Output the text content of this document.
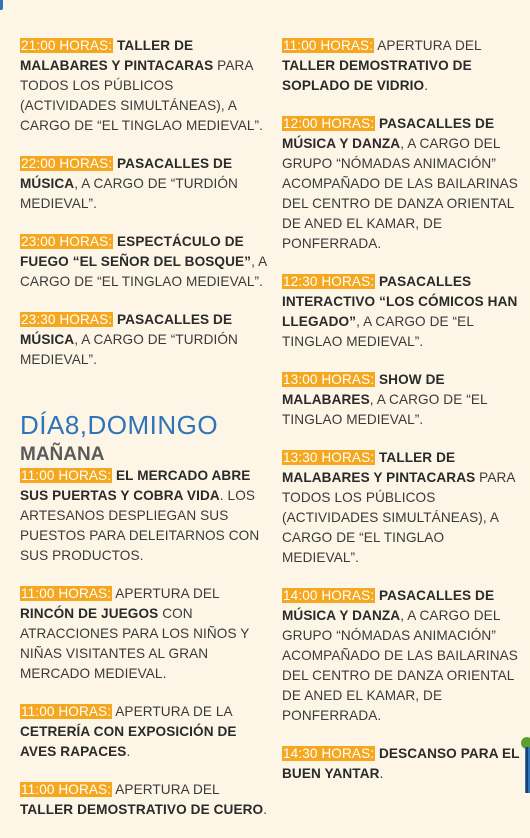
21:00 HORAS: TALLER DE MALABARES Y PINTACARAS PARA TODOS LOS PÚBLICOS (ACTIVIDADES SIMULTÁNEAS), A CARGO DE “EL TINGLAO MEDIEVAL”.

22:00 HORAS: PASACALLES DE MÚSICA, A CARGO DE “TURDIÓN MEDIEVAL”.

23:00 HORAS: ESPECTÁCULO DE FUEGO “EL SEÑOR DEL BOSQUE”, A CARGO DE “EL TINGLAO MEDIEVAL”.

23:30 HORAS: PASACALLES DE MÚSICA, A CARGO DE “TURDIÓN MEDIEVAL”.

DÍA8,DOMINGO
MAÑANA

11:00 HORAS: EL MERCADO ABRE SUS PUERTAS Y COBRA VIDA. LOS ARTESANOS DESPLIEGAN SUS PUESTOS PARA DELEITARNOS CON SUS PRODUCTOS.

11:00 HORAS: APERTURA DEL RINCÓN DE JUEGOS CON ATRACCIONES PARA LOS NIÑOS Y NIÑAS VISITANTES AL GRAN MERCADO MEDIEVAL.

11:00 HORAS: APERTURA DE LA CETRERÍA CON EXPOSICIÓN DE AVES RAPACES.

11:00 HORAS: APERTURA DEL TALLER DEMOSTRATIVO DE CUERO.

11:00 HORAS: APERTURA DEL TALLER DEMOSTRATIVO DE SOPLADO DE VIDRIO.

12:00 HORAS: PASACALLES DE MÚSICA Y DANZA, A CARGO DEL GRUPO “NÓMADAS ANIMACIÓN” ACOMPAÑADO DE LAS BAILARINAS DEL CENTRO DE DANZA ORIENTAL DE ANED EL KAMAR, DE PONFERRADA.

12:30 HORAS: PASACALLES INTERACTIVO “LOS CÓMICOS HAN LLEGADO”, A CARGO DE “EL TINGLAO MEDIEVAL”.

13:00 HORAS: SHOW DE MALABARES, A CARGO DE “EL TINGLAO MEDIEVAL”.

13:30 HORAS: TALLER DE MALABARES Y PINTACARAS PARA TODOS LOS PÚBLICOS (ACTIVIDADES SIMULTÁNEAS), A CARGO DE “EL TINGLAO MEDIEVAL”.

14:00 HORAS: PASACALLES DE MÚSICA Y DANZA, A CARGO DEL GRUPO “NÓMADAS ANIMACIÓN” ACOMPAÑADO DE LAS BAILARINAS DEL CENTRO DE DANZA ORIENTAL DE ANED EL KAMAR, DE PONFERRADA.

14:30 HORAS: DESCANSO PARA EL BUEN YANTAR.
